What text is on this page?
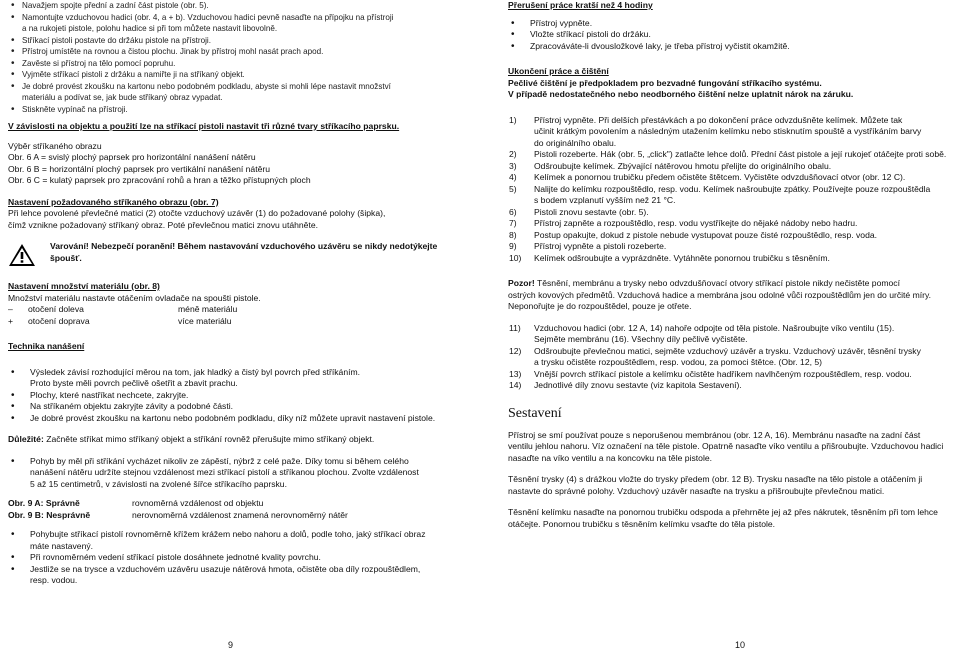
• Navažjem spojte přední a zadní část pistole (obr. 5).

• Namontujte vzduchovou hadici (obr. 4, a + b). Vzduchovou hadici pevně nasaďte na přípojku na přístroji

a na rukojeti pistole, polohu hadice si při tom můžete nastavit libovolně.

• Stříkací pistoli postavte do držáku pistole na přístroji.

• Přístroj umístěte na rovnou a čistou plochu. Jinak by přístroj mohl nasát prach apod.

• Zavěste si přístroj na tělo pomocí popruhu.

• Vyjměte stříkací pistoli z držáku a namiřte ji na stříkaný objekt.

• Je dobré provést zkoušku na kartonu nebo podobném podkladu, abyste si mohli lépe nastavit množství

materiálu a podívat se, jak bude stříkaný obraz vypadat.

• Stiskněte vypínač na přístroji.

V závislosti na objektu a použití lze na stříkací pistoli nastavit tři různé tvary stříkacího paprsku.

Výběr stříkaného obrazu

Obr. 6 A = svislý plochý paprsek pro horizontální nanášení nátěru

Obr. 6 B = horizontální plochý paprsek pro vertikální nanášení nátěru

Obr. 6 C = kulatý paprsek pro zpracování rohů a hran a těžko přístupných ploch

Nastavení požadovaného stříkaného obrazu (obr. 7)

Při lehce povolené převlečné matici (2) otočte vzduchový uzávěr (1) do požadované polohy (šipka),

čímž vznikne požadovaný stříkaný obraz. Poté převlečnou matici znovu utáhněte.

Varování! Nebezpečí poranění! Během nastavování vzduchového uzávěru se nikdy nedotýkejte

špoušť.

Nastavení množství materiálu (obr. 8)

Množství materiálu nastavte otáčením ovladače na spoušti pistole.

–	otočení doleva	méně materiálu
+	otočení doprava	více materiálu

Technika nanášení

• Výsledek závisí rozhodující měrou na tom, jak hladký a čistý byl povrch před stříkáním.

Proto byste měli povrch pečlivě ošetřit a zbavit prachu.

• Plochy, které nastříkat nechcete, zakryjte.

• Na stříkaném objektu zakryjte závity a podobné části.

• Je dobré provést zkoušku na kartonu nebo podobném podkladu, díky níž můžete upravit nastavení pistole.

Důležité: Začněte stříkat mimo stříkaný objekt a stříkání rovněž přerušujte mimo stříkaný objekt.

• Pohyb by měl při stříkání vycházet nikoliv ze zápěstí, nýbrž z celé paže. Díky tomu si během celého

nanášení nátěru udržíte stejnou vzdálenost mezi stříkací pistolí a stříkanou plochou. Zvolte vzdálenost

5 až 15 centimetrů, v závislosti na zvolené šířce stříkacího paprsku.

Obr. 9 A: Správně	rovnoměrná vzdálenost od objektu
Obr. 9 B: Nesprávně	nerovnoměrná vzdálenost znamená nerovnoměrný nátěr

• Pohybujte stříkací pistolí rovnoměrně křížem krážem nebo nahoru a dolů, podle toho, jaký stříkací obraz

máte nastavený.

• Při rovnoměrném vedení stříkací pistole dosáhnete jednotné kvality povrchu.

• Jestliže se na trysce a vzduchovém uzávěru usazuje nátěrová hmota, očistěte oba díly rozpouštědlem,

resp. vodou.

9

Přerušení práce kratší než 4 hodiny

• Přístroj vypněte.

• Vložte stříkací pistoli do držáku.

• Zpracováváte-li dvousložkové laky, je třeba přístroj vyčistit okamžitě.

Ukončení práce a čištění

Pečlivé čištění je předpokladem pro bezvadné fungování stříkacího systému.

V případě nedostatečného nebo neodborného čištění nelze uplatnit nárok na záruku.

1) Přístroj vypněte. Při delších přestávkách a po dokončení práce odvzdušněte kelímek. Můžete tak

učinit krátkým povolením a následným utažením kelímku nebo stisknutím spouště a vystříkáním barvy

do originálního obalu.

2) Pistoli rozeberte. Hák (obr. 5, „click") zatlačte lehce dolů. Přední část pistole a její rukojeť otáčejte proti sobě.

3) Odšroubujte kelímek. Zbývající nátěrovou hmotu přelijte do originálního obalu.

4) Kelímek a ponornou trubičku předem očistěte štětcem. Vyčistěte odvzdušňovací otvor (obr. 12 C).

5) Nalijte do kelímku rozpouštědlo, resp. vodu. Kelímek našroubujte zpátky. Používejte pouze rozpouštědla

s bodem vzplanutí vyšším než 21 °C.

6) Pistoli znovu sestavte (obr. 5).

7) Přístroj zapněte a rozpouštědlo, resp. vodu vystříkejte do nějaké nádoby nebo hadru.

8) Postup opakujte, dokud z pistole nebude vystupovat pouze čisté rozpouštědlo, resp. voda.

9) Přístroj vypněte a pistoli rozeberte.

10) Kelímek odšroubujte a vyprázdněte. Vytáhněte ponornou trubičku s těsněním.

Pozor! Těsnění, membránu a trysky nebo odvzdušňovací otvory stříkací pistole nikdy nečistěte pomocí

ostrých kovových předmětů. Vzduchová hadice a membrána jsou odolné vůči rozpouštědlům jen do určité míry.

Neponořujte je do rozpouštědel, pouze je otřete.

11) Vzduchovou hadici (obr. 12 A, 14) nahoře odpojte od těla pistole. Našroubujte víko ventilu (15).

Sejměte membránu (16). Všechny díly pečlivě vyčistěte.

12) Odšroubujte převlečnou matici, sejměte vzduchový uzávěr a trysku. Vzduchový uzávěr, těsnění trysky

a trysku očistěte rozpouštědlem, resp. vodou, za pomoci štětce. (Obr. 12, 5)

13) Vnější povrch stříkací pistole a kelímku očistěte hadříkem navlhčeným rozpouštědlem, resp. vodou.

14) Jednotlivé díly znovu sestavte (viz kapitola Sestavení).

Sestavení

Přístroj se smí používat pouze s neporušenou membránou (obr. 12 A, 16). Membránu nasaďte na zadní část

ventilu jehlou nahoru. Víz označení na těle pistole. Opatrně nasaďte víko ventilu a přišroubujte. Vzduchovou hadici

nasaďte na víko ventilu a na koncovku na těle pistole.

Těsnění trysky (4) s drážkou vložte do trysky předem (obr. 12 B). Trysku nasaďte na tělo pistole a otáčením ji

nastavte do správné polohy. Vzduchový uzávěr nasaďte na trysku a přišroubujte převlečnou matici.

Těsnění kelímku nasaďte na ponornou trubičku odspoda a přehrněte jej až přes nákrutek, těsněním při tom lehce

otáčejte. Ponornou trubičku s těsněním kelímku vsaďte do těla pistole.

10
